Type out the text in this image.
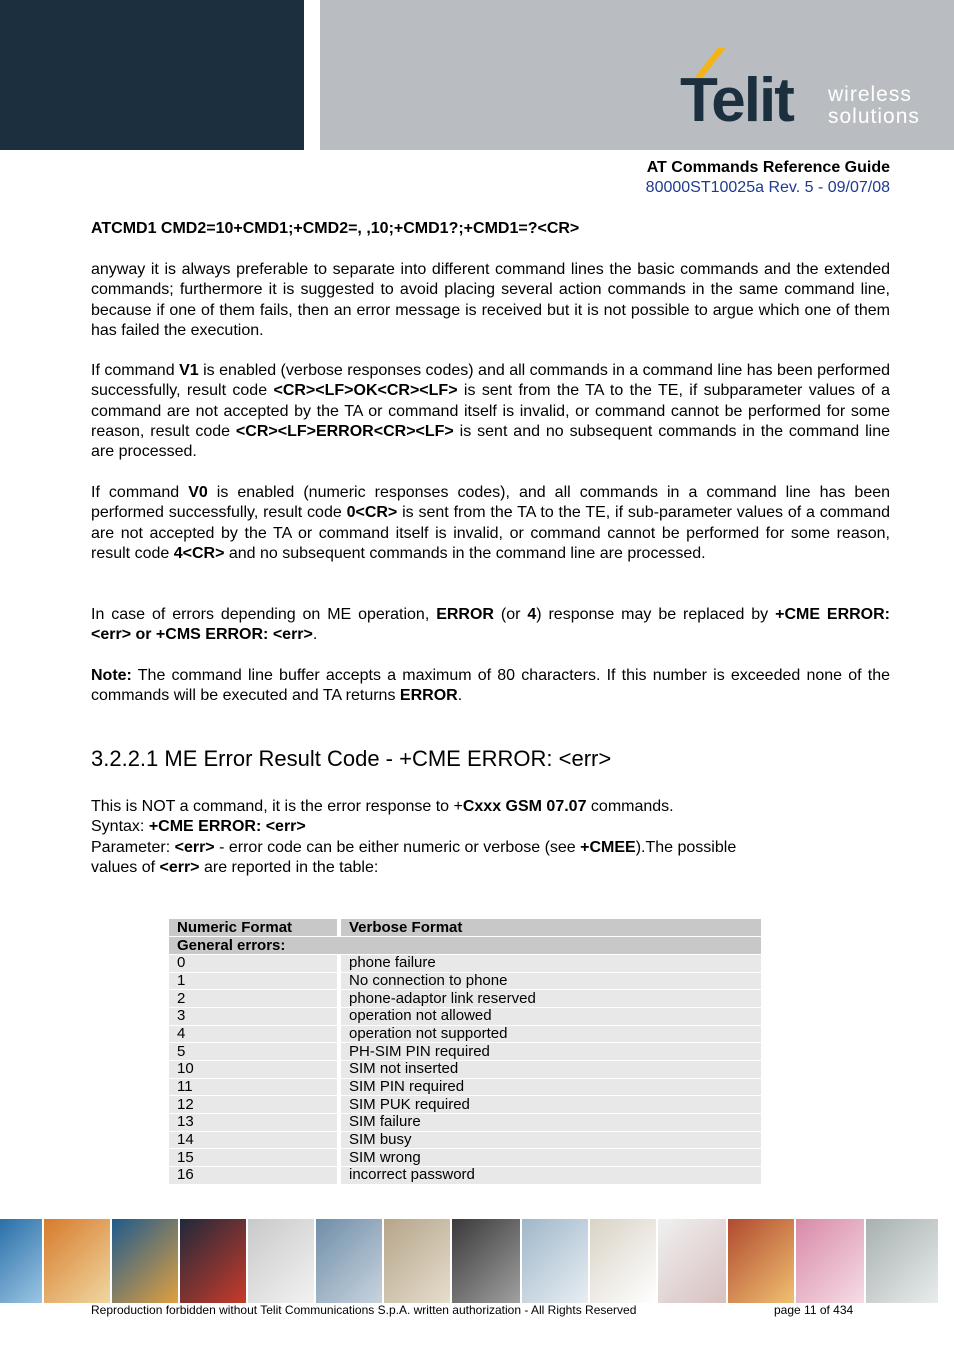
Telit wireless
solutions
AT Commands Reference Guide
80000ST10025a Rev. 5 - 09/07/08
ATCMD1 CMD2=10+CMD1;+CMD2=, ,10;+CMD1?;+CMD1=?<CR>
anyway it is always preferable to separate into different command lines the basic commands and the extended commands; furthermore it is suggested to avoid placing several action commands in the same command line, because if one of them fails, then an error message is received but it is not possible to argue which one of them has failed the execution.
If command V1 is enabled (verbose responses codes) and all commands in a command line has been performed successfully, result code <CR><LF>OK<CR><LF> is sent from the TA to the TE, if subparameter values of a command are not accepted by the TA or command itself is invalid, or command cannot be performed for some reason, result code <CR><LF>ERROR<CR><LF> is sent and no subsequent commands in the command line are processed.
If command V0 is enabled (numeric responses codes), and all commands in a command line has been performed successfully, result code 0<CR> is sent from the TA to the TE, if sub-parameter values of a command are not accepted by the TA or command itself is invalid, or command cannot be performed for some reason, result code 4<CR> and no subsequent commands in the command line are processed.
In case of errors depending on ME operation, ERROR (or 4) response may be replaced by +CME ERROR: <err> or +CMS ERROR: <err>.
Note: The command line buffer accepts a maximum of 80 characters. If this number is exceeded none of the commands will be executed and TA returns ERROR.
3.2.2.1 ME Error Result Code - +CME ERROR: <err>
This is NOT a command, it is the error response to +Cxxx GSM 07.07 commands.
Syntax: +CME ERROR: <err>
Parameter: <err> - error code can be either numeric or verbose (see +CMEE).The possible
values of <err> are reported in the table:
Numeric Format	Verbose Format
General errors:	
0	phone failure
1	No connection to phone
2	phone-adaptor link reserved
3	operation not allowed
4	operation not supported
5	PH-SIM PIN required
10	SIM not inserted
11	SIM PIN required
12	SIM PUK required
13	SIM failure
14	SIM busy
15	SIM wrong
16	incorrect password
Reproduction forbidden without Telit Communications S.p.A. written authorization - All Rights Reserved	page 11 of 434
